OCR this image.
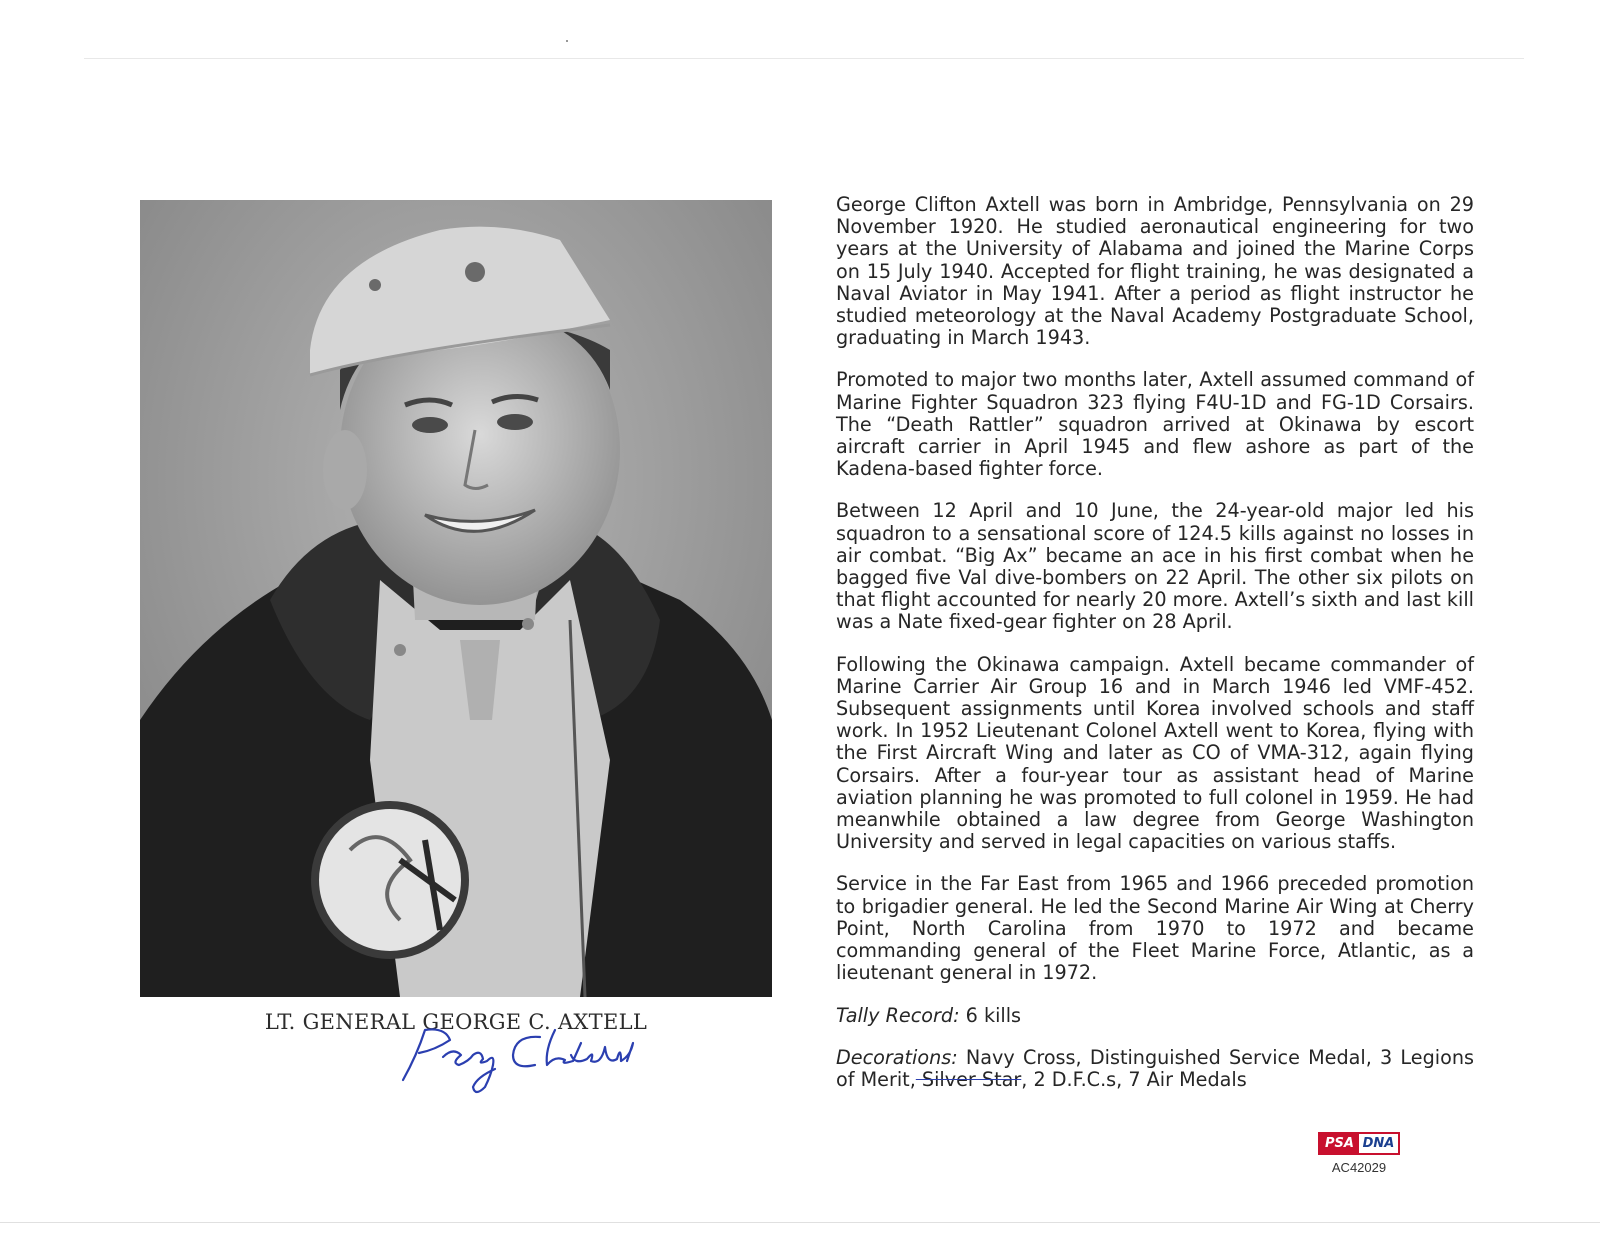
LT. GENERAL GEORGE C. AXTELL

George Clifton Axtell was born in Ambridge, Pennsylvania on 29 November 1920. He studied aeronautical engineering for two years at the University of Alabama and joined the Marine Corps on 15 July 1940. Accepted for flight training, he was designated a Naval Aviator in May 1941. After a period as flight instructor he studied meteorology at the Naval Academy Postgraduate School, graduating in March 1943.

Promoted to major two months later, Axtell assumed command of Marine Fighter Squadron 323 flying F4U-1D and FG-1D Corsairs. The “Death Rattler” squadron arrived at Okinawa by escort aircraft carrier in April 1945 and flew ashore as part of the Kadena-based fighter force.

Between 12 April and 10 June, the 24-year-old major led his squadron to a sensational score of 124.5 kills against no losses in air combat. “Big Ax” became an ace in his first combat when he bagged five Val dive-bombers on 22 April. The other six pilots on that flight accounted for nearly 20 more. Axtell’s sixth and last kill was a Nate fixed-gear fighter on 28 April.

Following the Okinawa campaign. Axtell became commander of Marine Carrier Air Group 16 and in March 1946 led VMF-452. Subsequent assignments until Korea involved schools and staff work. In 1952 Lieutenant Colonel Axtell went to Korea, flying with the First Aircraft Wing and later as CO of VMA-312, again flying Corsairs. After a four-year tour as assistant head of Marine aviation planning he was promoted to full colonel in 1959. He had meanwhile obtained a law degree from George Washington University and served in legal capacities on various staffs.

Service in the Far East from 1965 and 1966 preceded promotion to brigadier general. He led the Second Marine Air Wing at Cherry Point, North Carolina from 1970 to 1972 and became commanding general of the Fleet Marine Force, Atlantic, as a lieutenant general in 1972.

Tally Record: 6 kills

Decorations: Navy Cross, Distinguished Service Medal, 3 Legions of Merit, Silver Star, 2 D.F.C.s, 7 Air Medals

PSA DNA
AC42029
